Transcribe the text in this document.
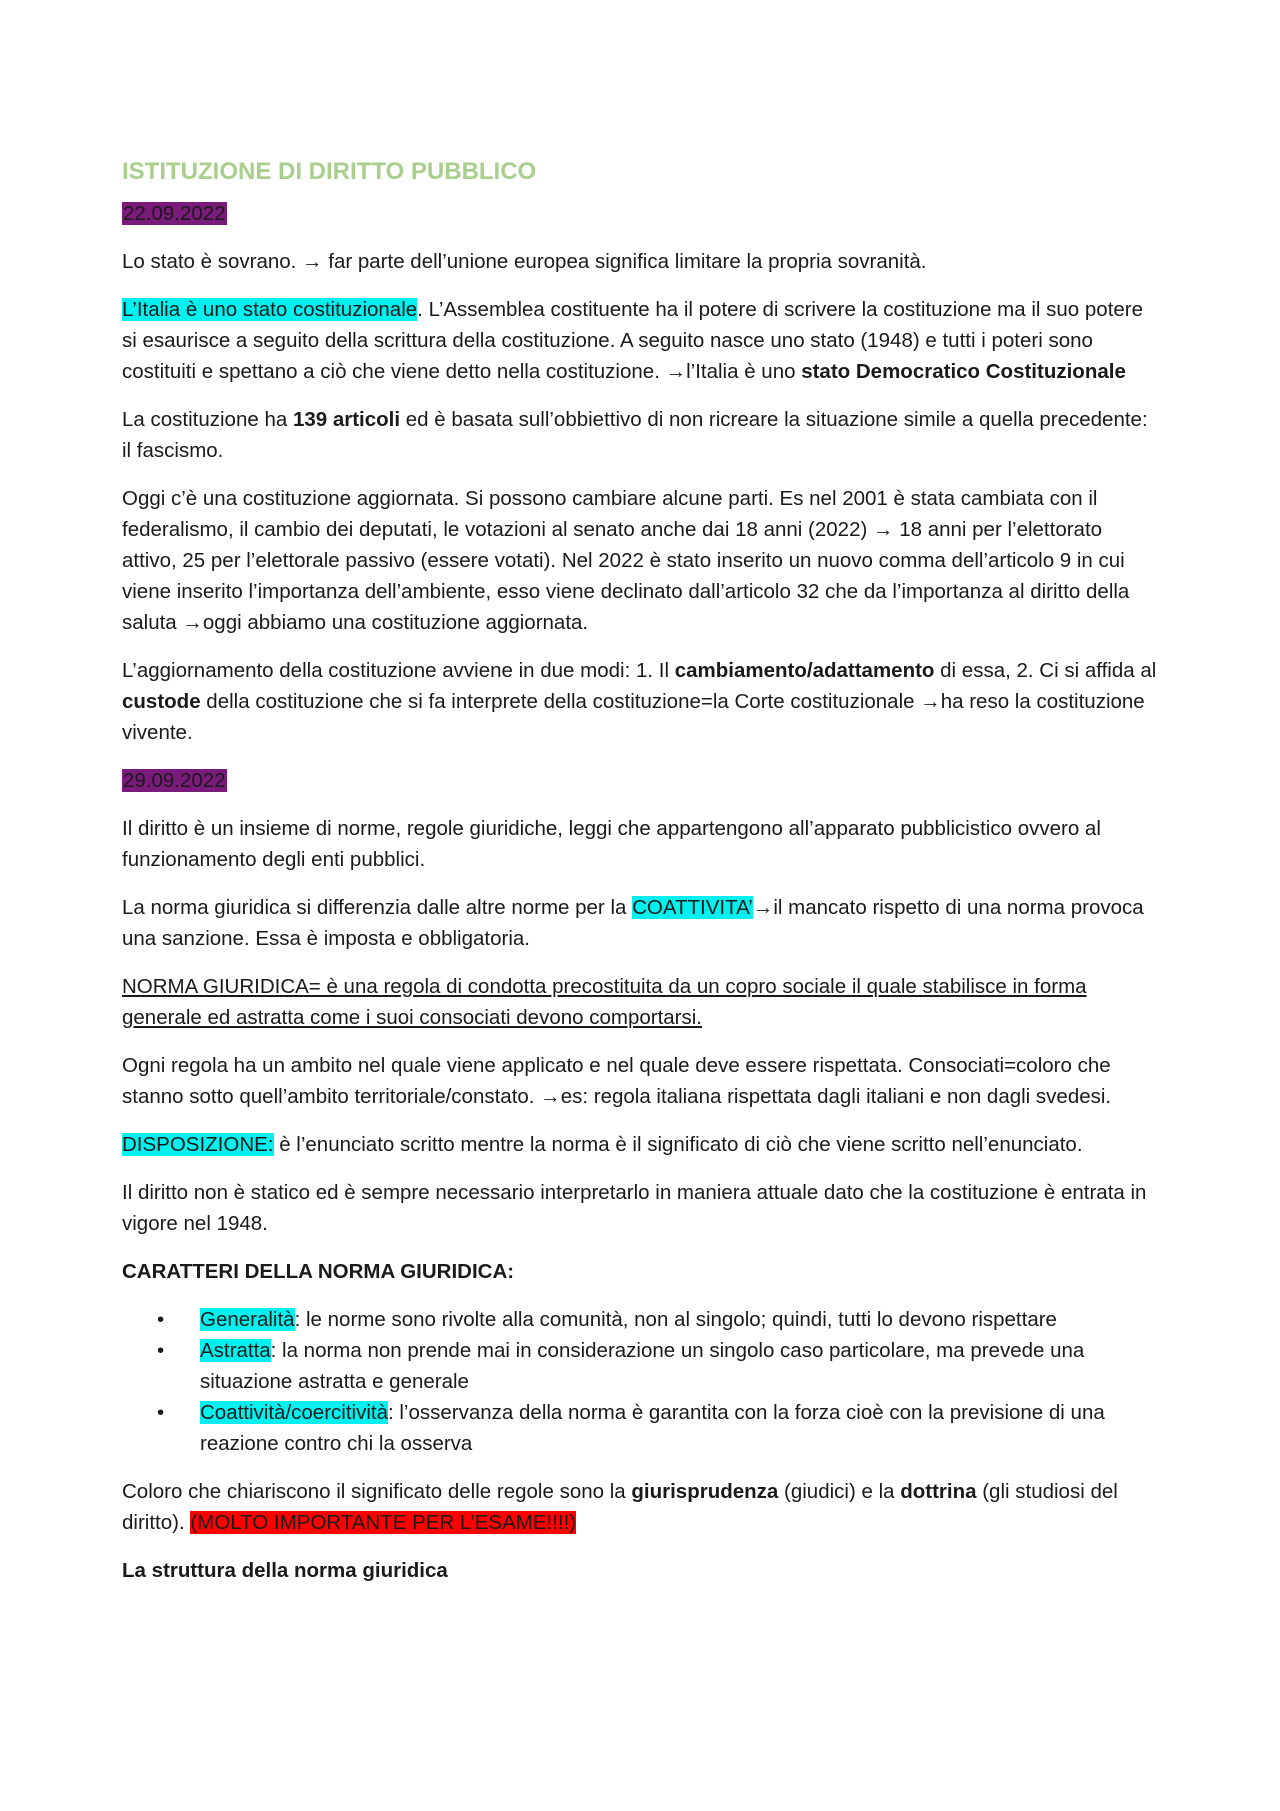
ISTITUZIONE DI DIRITTO PUBBLICO

22.09.2022

Lo stato è sovrano. → far parte dell’unione europea significa limitare la propria sovranità.

L’Italia è uno stato costituzionale. L’Assemblea costituente ha il potere di scrivere la costituzione ma il suo potere si esaurisce a seguito della scrittura della costituzione. A seguito nasce uno stato (1948) e tutti i poteri sono costituiti e spettano a ciò che viene detto nella costituzione. →l’Italia è uno stato Democratico Costituzionale

La costituzione ha 139 articoli ed è basata sull’obbiettivo di non ricreare la situazione simile a quella precedente: il fascismo.

Oggi c’è una costituzione aggiornata. Si possono cambiare alcune parti. Es nel 2001 è stata cambiata con il federalismo, il cambio dei deputati, le votazioni al senato anche dai 18 anni (2022) → 18 anni per l’elettorato attivo, 25 per l’elettorale passivo (essere votati). Nel 2022 è stato inserito un nuovo comma dell’articolo 9 in cui viene inserito l’importanza dell’ambiente, esso viene declinato dall’articolo 32 che da l’importanza al diritto della saluta →oggi abbiamo una costituzione aggiornata.

L’aggiornamento della costituzione avviene in due modi: 1. Il cambiamento/adattamento di essa, 2. Ci si affida al custode della costituzione che si fa interprete della costituzione=la Corte costituzionale →ha reso la costituzione vivente.

29.09.2022

Il diritto è un insieme di norme, regole giuridiche, leggi che appartengono all’apparato pubblicistico ovvero al funzionamento degli enti pubblici.

La norma giuridica si differenzia dalle altre norme per la COATTIVITA’→il mancato rispetto di una norma provoca una sanzione. Essa è imposta e obbligatoria.

NORMA GIURIDICA= è una regola di condotta precostituita da un copro sociale il quale stabilisce in forma generale ed astratta come i suoi consociati devono comportarsi.

Ogni regola ha un ambito nel quale viene applicato e nel quale deve essere rispettata. Consociati=coloro che stanno sotto quell’ambito territoriale/constato. →es: regola italiana rispettata dagli italiani e non dagli svedesi.

DISPOSIZIONE: è l’enunciato scritto mentre la norma è il significato di ciò che viene scritto nell’enunciato.

Il diritto non è statico ed è sempre necessario interpretarlo in maniera attuale dato che la costituzione è entrata in vigore nel 1948.

CARATTERI DELLA NORMA GIURIDICA:

• Generalità: le norme sono rivolte alla comunità, non al singolo; quindi, tutti lo devono rispettare
• Astratta: la norma non prende mai in considerazione un singolo caso particolare, ma prevede una situazione astratta e generale
• Coattività/coercitività: l’osservanza della norma è garantita con la forza cioè con la previsione di una reazione contro chi la osserva

Coloro che chiariscono il significato delle regole sono la giurisprudenza (giudici) e la dottrina (gli studiosi del diritto). (MOLTO IMPORTANTE PER L’ESAME!!!!)

La struttura della norma giuridica
